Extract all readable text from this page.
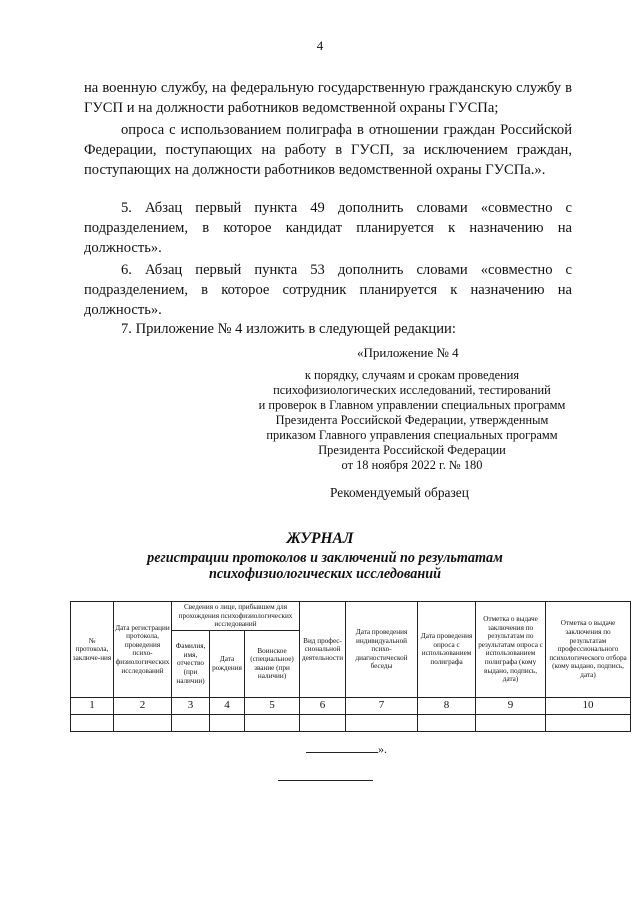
4
на военную службу, на федеральную государственную гражданскую службу в ГУСП и на должности работников ведомственной охраны ГУСПа;
опроса с использованием полиграфа в отношении граждан Российской Федерации, поступающих на работу в ГУСП, за исключением граждан, поступающих на должности работников ведомственной охраны ГУСПа.».
5. Абзац первый пункта 49 дополнить словами «совместно с подразделением, в которое кандидат планируется к назначению на должность».
6. Абзац первый пункта 53 дополнить словами «совместно с подразделением, в которое сотрудник планируется к назначению на должность».
7. Приложение № 4 изложить в следующей редакции:
«Приложение № 4
к порядку, случаям и срокам проведения
психофизиологических исследований, тестирований
и проверок в Главном управлении специальных программ
Президента Российской Федерации, утвержденным
приказом Главного управления специальных программ
Президента Российской Федерации
от 18 ноября 2022 г. № 180
Рекомендуемый образец
ЖУРНАЛ
регистрации протоколов и заключений по результатам психофизиологических исследований
№ протокола, заключе-ния	Дата регистрации протокола, проведения психо-физиологических исследований	Сведения о лице, прибывшем для прохождения психофизиологических исследований			Вид профес-сиональной деятельности	Дата проведения индивидуальной психо-диагностической беседы	Дата проведения опроса с использованием полиграфа	Отметка о выдаче заключения по результатам по результатам опроса с использованием полиграфа (кому выдано, подпись, дата)	Отметка о выдаче заключения по результатам профессионального психологического отбора (кому выдано, подпись, дата)
		Фамилия, имя, отчество (при наличии)	Дата рождения	Воинское (специальное) звание (при наличии)					
1	2	3	4	5	6	7	8	9	10

».
